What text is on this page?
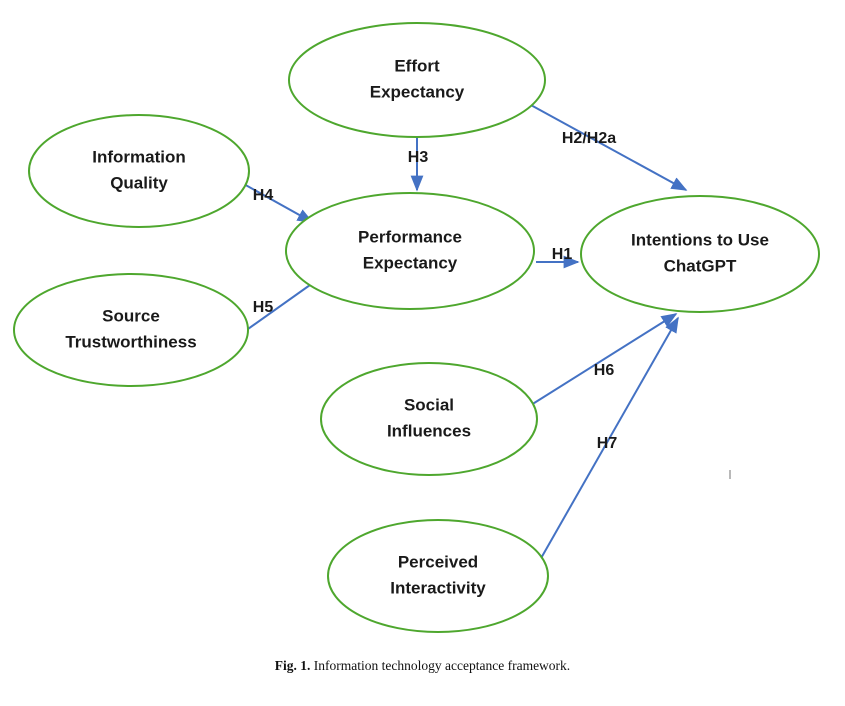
H2/H2a
H3
H4
H5
H1
H6
H7
Effort
Expectancy
Information
Quality
Performance
Expectancy
Intentions to Use
ChatGPT
Source
Trustworthiness
Social
Influences
Perceived
Interactivity
Fig. 1. Information technology acceptance framework.
